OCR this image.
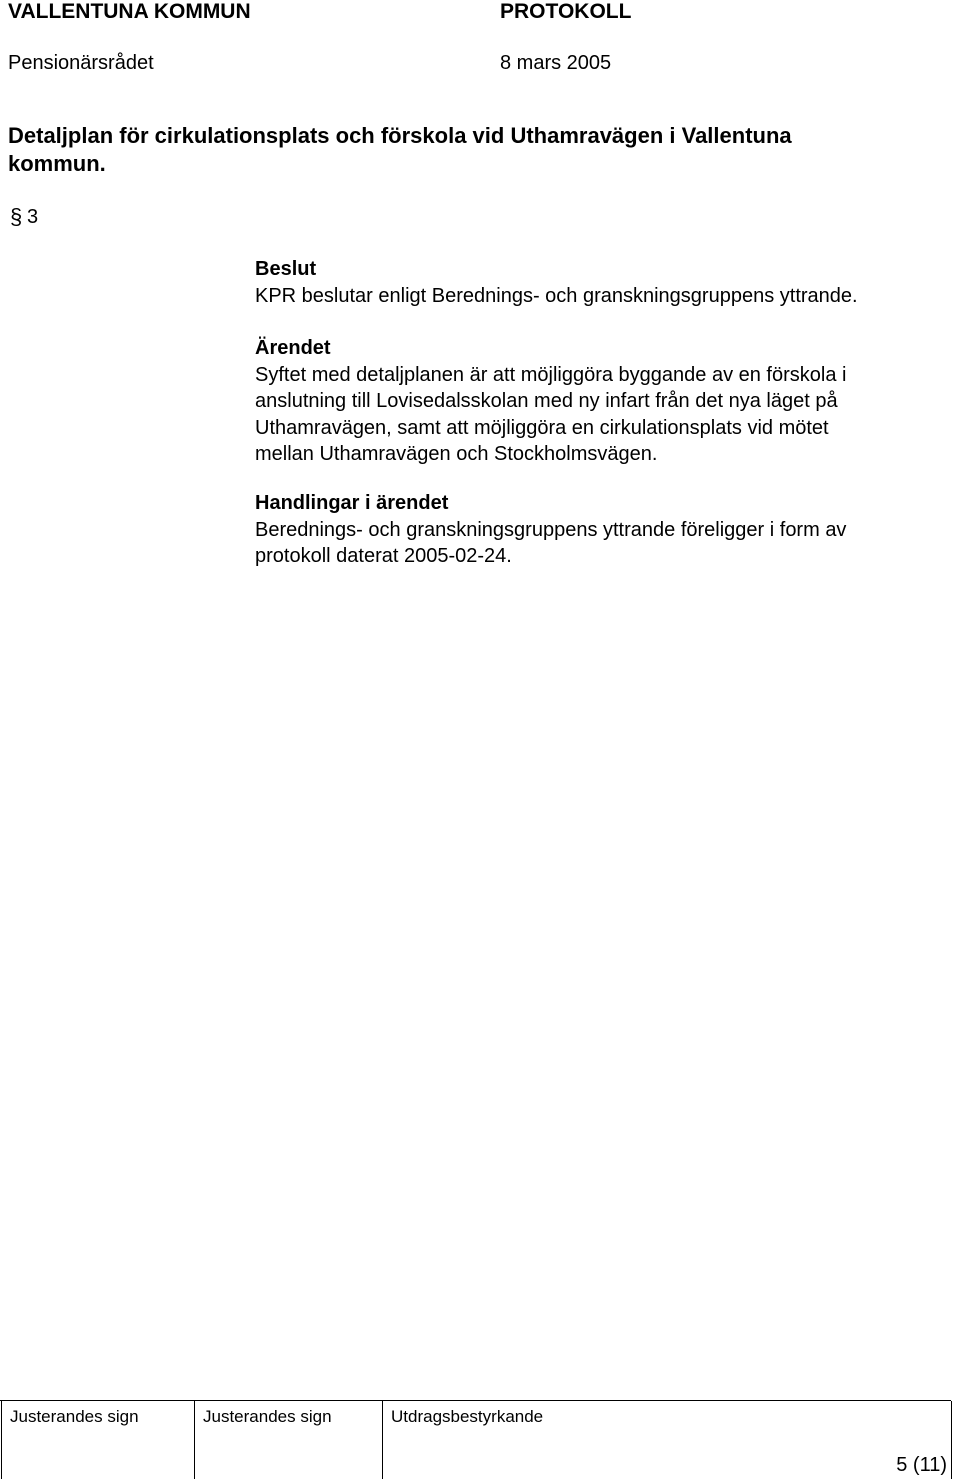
VALLENTUNA KOMMUN	PROTOKOLL
Pensionärsrådet	8 mars 2005
Detaljplan för cirkulationsplats och förskola vid Uthamravägen i Vallentuna
kommun.
§ 3
Beslut
KPR beslutar enligt Berednings- och granskningsgruppens yttrande.
Ärendet
Syftet med detaljplanen är att möjliggöra byggande av en förskola i
anslutning till Lovisedalsskolan med ny infart från det nya läget på
Uthamravägen, samt att möjliggöra en cirkulationsplats vid mötet
mellan Uthamravägen och Stockholmsvägen.
Handlingar i ärendet
Berednings- och granskningsgruppens yttrande föreligger i form av
protokoll daterat 2005-02-24.
Justerandes sign	Justerandes sign	Utdragsbestyrkande
5 (11)
